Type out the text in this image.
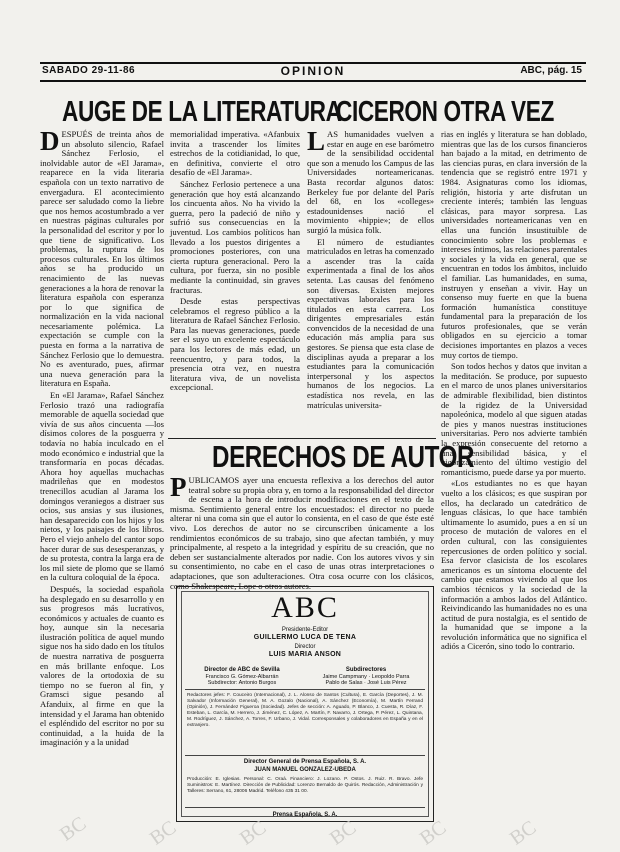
SABADO 29-11-86	OPINION	ABC, pág. 15
AUGE DE LA LITERATURA

DESPUÉS de treinta años de un absoluto silencio, Rafael Sánchez Ferlosio, el inolvidable autor de «El Jarama», reaparece en la vida literaria española con un texto narrativo de envergadura. El acontecimiento parece ser saludado como la liebre que nos hemos acostumbrado a ver en nuestras páginas culturales por la personalidad del escritor y por lo que tiene de significativo. Los problemas, la ruptura de los procesos culturales. En los últimos años se ha producido un renacimiento de las nuevas generaciones a la hora de renovar la literatura española con esperanza por lo que significa de normalización en la vida nacional necesariamente polémica. La expectación se cumple con la puesta en forma a la narrativa de Sánchez Ferlosio que lo demuestra. No es aventurado, pues, afirmar una nueva generación para la literatura en España.

En «El Jarama», Rafael Sánchez Ferlosio trazó una radiografía memorable de aquella sociedad que vivía de sus años cincuenta —los dísimos colores de la posguerra y todavía no había inculcado en el modo económico e industrial que la transformaría en pocas décadas. Ahora hoy aquellas muchachas madrileñas que en modestos trenecillos acudían al Jarama los domingos veraniegos a distraer sus ocios, sus ansias y sus ilusiones, han desaparecido con los hijos y los nietos, y los paisajes de los libros. Pero el viejo anhelo del cantor sopo hacer durar de sus desesperanzas, y de su protesta, contra la larga era de los mil siete de plomo que se llamó en la cultura coloquial de la época.

Después, la sociedad española ha desplegado en su desarrollo y en sus progresos más lucrativos, económicos y actuales de cuanto es hoy, aunque sin la necesaria ilustración política de aquel mundo sigue nos ha sido dado en los títulos de nuestra narrativa de posguerra en más brillante enfoque. Los valores de la ortodoxia de su tiempo no se fueron al fin, y Gramsci sigue pesando al Afanduix, al firme en que la intensidad y el Jarama han obtenido el espléndido del escritor no por su continuidad, a la huida de la imaginación y a la unidad

memorialidad imperativa. «Afanbuix invita a trascender los límites estrechos de la cotidianidad, lo que, en definitiva, convierte el otro desafío de «El Jarama».

Sánchez Ferlosio pertenece a una generación que hoy está alcanzando los cincuenta años. No ha vivido la guerra, pero la padeció de niño y sufrió sus consecuencias en la juventud. Los cambios políticos han llevado a los puestos dirigentes a promociones posteriores, con una cierta ruptura generacional. Pero la cultura, por fuerza, sin no posible mediante la continuidad, sin graves fracturas.

Desde estas perspectivas celebramos el regreso público a la literatura de Rafael Sánchez Ferlosio. Para las nuevas generaciones, puede ser el suyo un excelente espectáculo para los lectores de más edad, un reencuentro, y para todos, la presencia otra vez, en nuestra literatura viva, de un novelista excepcional.

CICERON OTRA VEZ

LAS humanidades vuelven a estar en auge en ese barómetro de la sensibilidad occidental que son a menudo los Campus de las Universidades norteamericanas. Basta recordar algunos datos: Berkeley fue por delante del París del 68, en los «colleges» estadounidenses nació el movimiento «hippie»; de ellos surgió la música folk.

El número de estudiantes matriculados en letras ha comenzado a ascender tras la caída experimentada a final de los años setenta. Las causas del fenómeno son diversas. Existen mejores expectativas laborales para los titulados en esta carrera. Los dirigentes empresariales están convencidos de la necesidad de una educación más amplia para sus gestores. Se piensa que esta clase de disciplinas ayuda a preparar a los estudiantes para la comunicación interpersonal y los aspectos humanos de los negocios. La estadística nos revela, en las matrículas universita-

rias en inglés y literatura se han doblado, mientras que las de los cursos financieros han bajado a la mitad, en detrimento de las ciencias puras, en clara inversión de la tendencia que se registró entre 1971 y 1984. Asignaturas como los idiomas, religión, historia y arte disfrutan un creciente interés; también las lenguas clásicas, para mayor sorpresa. Las universidades norteamericanas ven en ellas una función insustituible de conocimiento sobre los problemas e intereses íntimos, las relaciones parentales y sociales y la vida en general, que se encuentran en todos los ámbitos, incluido el familiar. Las humanidades, en suma, instruyen y enseñan a vivir. Hay un consenso muy fuerte en que la buena formación humanística constituye fundamental para la preparación de los futuros profesionales, que se verán obligados en su ejercicio a tomar decisiones importantes en plazos a veces muy cortos de tiempo.

Son todos hechos y datos que invitan a la meditación. Se produce, por supuesto en el marco de unos planes universitarios de admirable flexibilidad, bien distintos de la rigidez de la Universidad napoleónica, modelo al que siguen atadas de pies y manos nuestras instituciones universitarias. Pero nos advierte también la expresión consecuente del retorno a una sensibilidad básica, y el vigorizamiento del último vestigio del romanticismo, puede darse ya por muerto.

«Los estudiantes no es que hayan vuelto a los clásicos; es que suspiran por ellos, ha declarado un catedrático de lenguas clásicas, lo que hace también ultimamente lo asumido, pues a en sí un proceso de mutación de valores en el orden cultural, con las consiguientes repercusiones de orden político y social. Esa fervor clasicista de los escolares americanos es un síntoma elocuente del cambio que estamos viviendo al que los cambios técnicos y la sociedad de la información a ambos lados del Atlántico. Reivindicando las humanidades no es una actitud de pura nostalgia, es el sentido de la humanidad que se impone a la revolución informática que no significa el adiós a Cicerón, sino todo lo contrario.

DERECHOS DE AUTOR

PUBLICAMOS ayer una encuesta reflexiva a los derechos del autor teatral sobre su propia obra y, en torno a la responsabilidad del director de escena a la hora de introducir modificaciones en el texto de la misma. Sentimiento general entre los encuestados: el director no puede alterar ni una coma sin que el autor lo consienta, en el caso de que éste esté vivo. Los derechos de autor no se circunscriben únicamente a los rendimientos económicos de su trabajo, sino que afectan también, y muy principalmente, al respeto a la integridad y espíritu de su creación, que no deben ser sustancialmente alterados por nadie. Con los autores vivos y sin su consentimiento, no cabe en el caso de unas otras interpretaciones o adaptaciones, que son adulteraciones. Otra cosa ocurre con los clásicos, como Shakespeare, Lope o otros autores.

ABC
Presidente-Editor
GUILLERMO LUCA DE TENA
Director
LUIS MARIA ANSON
Director de ABC de Sevilla
Francisco G. Gómez-Albarrán
Subdirector: Antonio Burgos
Subdirectores
Jaime Campmany · Leopoldo Parra
Pablo de Salas · José Luis Pérez
Redactores jefes: F. Couceiro (Internacional), J. L. Alonso de Santos (Cultura), E. García (Deportes), J. M. Salvador (Información General), M. A. Gozalo (Nacional), A. Sánchez (Economía), M. Martín Ferrand (Opinión), J. Fernández Figueroa (Sociedad). Jefes de sección: A. Aguado, P. Blanco, J. Cuesta, R. Díaz, F. Esteban, L. García, M. Herrero, J. Jiménez, C. López, A. Martín, F. Navarro, J. Ortega, P. Pérez, L. Quintana, M. Rodríguez, J. Sánchez, A. Torres, F. Urbano, J. Vidal. Corresponsales y colaboradores en España y en el extranjero.
Director General de Prensa Española, S. A.
JUAN MANUEL GONZALEZ-UBEDA
Producción: E. Iglesias. Personal: C. Oraá. Financiero: J. Lozano. P. Ostos. J. Ruiz. R. Bravo. Jefe Suministros: E. Martínez. Dirección de Publicidad: Lorenzo Bernaldo de Quirós. Redacción, Administración y Talleres: Serrano, 61, 28006 Madrid. Teléfono 435 31 00.
Prensa Española, S. A.
BC	BC	BC	BC	BC	BC
